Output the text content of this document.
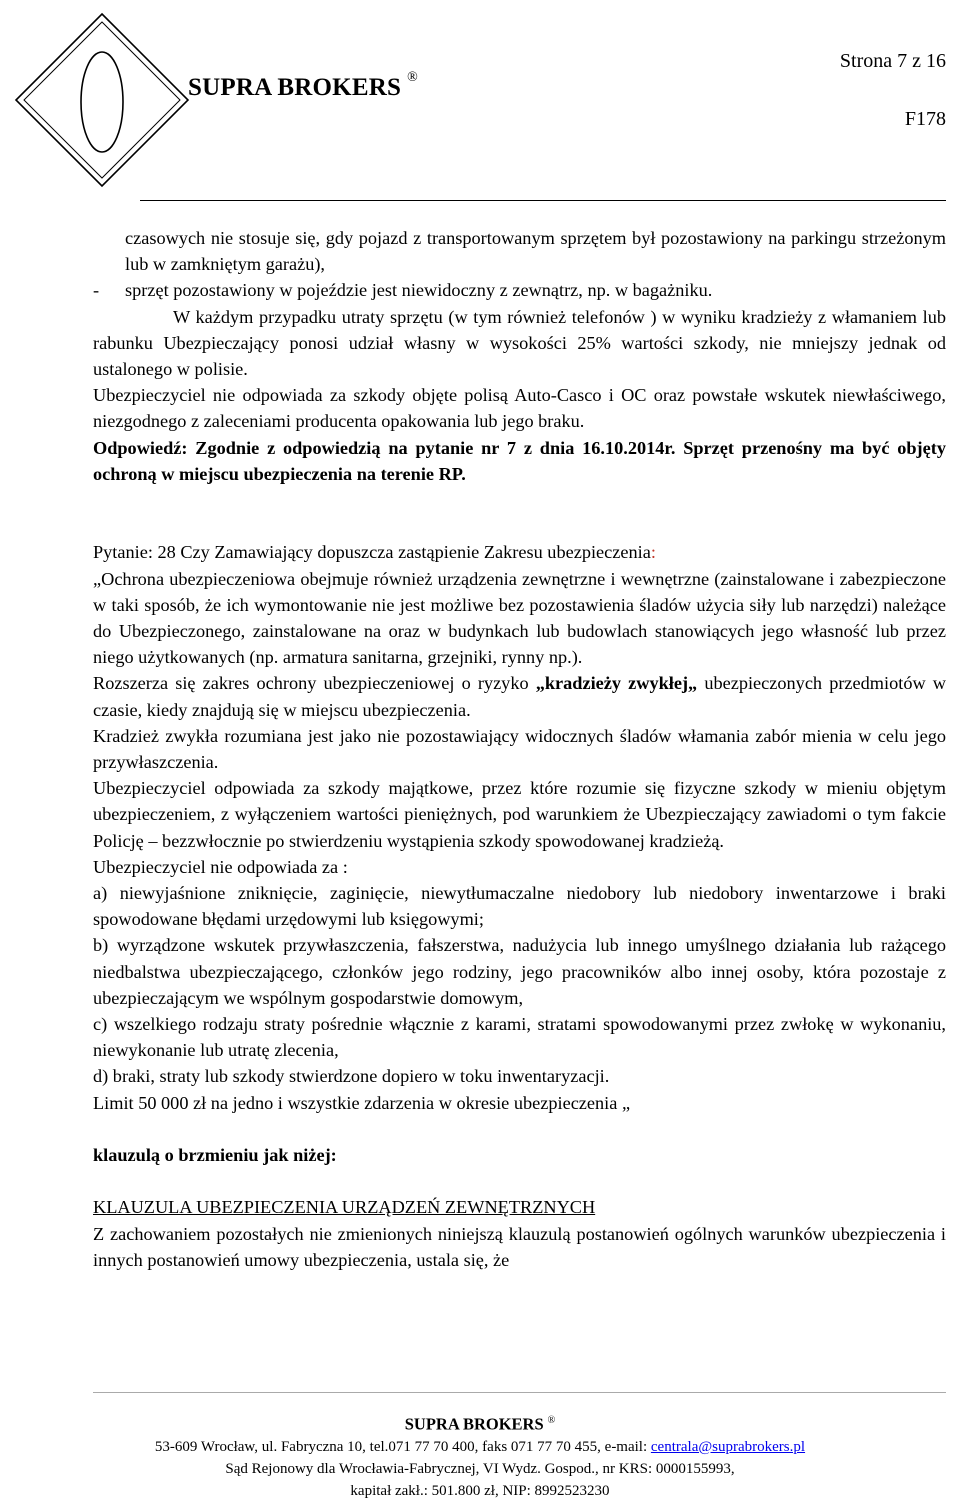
SUPRA BROKERS ®
Strona 7 z 16
F178

czasowych nie stosuje się, gdy pojazd z transportowanym sprzętem był pozostawiony na parkingu strzeżonym lub w zamkniętym garażu),

-	sprzęt pozostawiony w pojeździe jest niewidoczny z zewnątrz, np. w bagażniku.

W każdym przypadku utraty sprzętu (w tym również telefonów ) w wyniku kradzieży z włamaniem lub rabunku Ubezpieczający ponosi udział własny w wysokości 25% wartości szkody, nie mniejszy jednak od ustalonego w polisie.

Ubezpieczyciel nie odpowiada za szkody objęte polisą Auto-Casco i OC oraz powstałe wskutek niewłaściwego, niezgodnego z zaleceniami producenta opakowania lub jego braku.

Odpowiedź: Zgodnie z odpowiedzią na pytanie nr 7 z dnia 16.10.2014r. Sprzęt przenośny ma być objęty ochroną w miejscu ubezpieczenia na terenie RP.

Pytanie: 28 Czy Zamawiający dopuszcza zastąpienie Zakresu ubezpieczenia:

„Ochrona ubezpieczeniowa obejmuje również urządzenia zewnętrzne i wewnętrzne (zainstalowane i zabezpieczone w taki sposób, że ich wymontowanie nie jest możliwe bez pozostawienia śladów użycia siły lub narzędzi) należące do Ubezpieczonego, zainstalowane na oraz w budynkach lub budowlach stanowiących jego własność lub przez niego użytkowanych (np. armatura sanitarna, grzejniki, rynny np.).

Rozszerza się zakres ochrony ubezpieczeniowej o ryzyko „kradzieży zwykłej„ ubezpieczonych przedmiotów w czasie, kiedy znajdują się w miejscu ubezpieczenia.

Kradzież zwykła rozumiana jest jako nie pozostawiający widocznych śladów włamania zabór mienia w celu jego przywłaszczenia.

Ubezpieczyciel odpowiada za szkody majątkowe, przez które rozumie się fizyczne szkody w mieniu objętym ubezpieczeniem, z wyłączeniem wartości pieniężnych, pod warunkiem że Ubezpieczający zawiadomi o tym fakcie Policję – bezzwłocznie po stwierdzeniu wystąpienia szkody spowodowanej kradzieżą.

Ubezpieczyciel nie odpowiada za :

a) niewyjaśnione zniknięcie, zaginięcie, niewytłumaczalne niedobory lub niedobory inwentarzowe i braki spowodowane błędami urzędowymi lub księgowymi;

b) wyrządzone wskutek przywłaszczenia, fałszerstwa, nadużycia lub innego umyślnego działania lub rażącego niedbalstwa ubezpieczającego, członków jego rodziny, jego pracowników albo innej osoby, która pozostaje z ubezpieczającym we wspólnym gospodarstwie domowym,

c) wszelkiego rodzaju straty pośrednie włącznie z karami, stratami spowodowanymi przez zwłokę w wykonaniu, niewykonanie lub utratę zlecenia,

d) braki, straty lub szkody stwierdzone dopiero w toku inwentaryzacji.

Limit 50 000 zł na jedno i wszystkie zdarzenia w okresie ubezpieczenia „

klauzulą o brzmieniu jak niżej:

KLAUZULA UBEZPIECZENIA URZĄDZEŃ ZEWNĘTRZNYCH

Z zachowaniem pozostałych nie zmienionych niniejszą klauzulą postanowień ogólnych warunków ubezpieczenia i innych postanowień umowy ubezpieczenia, ustala się, że

SUPRA BROKERS ®
53-609 Wrocław, ul. Fabryczna 10, tel.071 77 70 400, faks 071 77 70 455, e-mail: centrala@suprabrokers.pl
Sąd Rejonowy dla Wrocławia-Fabrycznej, VI Wydz. Gospod., nr KRS: 0000155993,
kapitał zakł.: 501.800 zł, NIP: 8992523230
